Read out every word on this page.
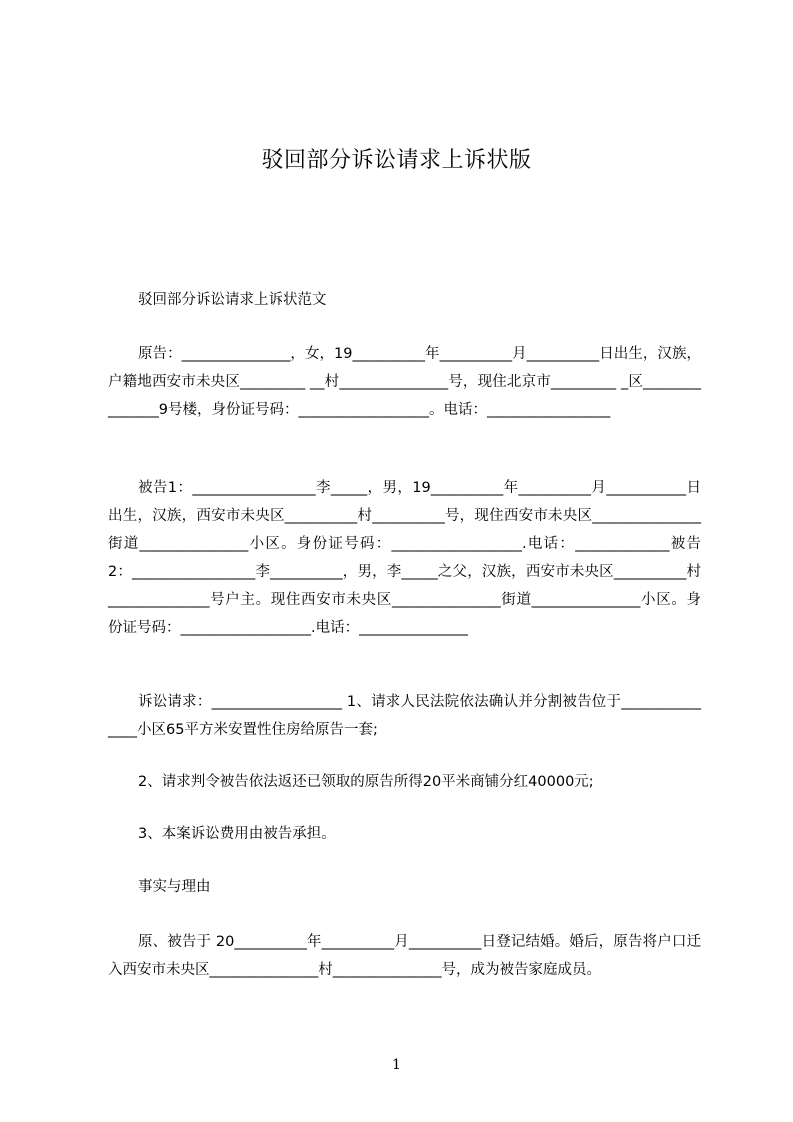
驳回部分诉讼请求上诉状版
驳回部分诉讼请求上诉状范文
原告：_______________，女，19__________年__________月__________日出生，汉族，户籍地西安市未央区_________ __村_______________号，现住北京市_________ _区_______________9号楼，身份证号码：__________________。电话：_________________
被告1：_________________李_____，男，19__________年__________月___________日出生，汉族，西安市未央区__________村__________号，现住西安市未央区_______________街道_______________小区。身份证号码：__________________.电话：_____________被告2：_________________李__________，男，李_____之父，汉族，西安市未央区__________村______________号户主。现住西安市未央区_______________街道_______________小区。身份证号码：__________________.电话：_______________
诉讼请求：__________________ 1、请求人民法院依法确认并分割被告位于_______________小区65平方米安置性住房给原告一套;
2、请求判令被告依法返还已领取的原告所得20平米商铺分红40000元;
3、本案诉讼费用由被告承担。
事实与理由
原、被告于 20__________年__________月__________日登记结婚。婚后，原告将户口迁入西安市未央区_______________村_______________号，成为被告家庭成员。
1
